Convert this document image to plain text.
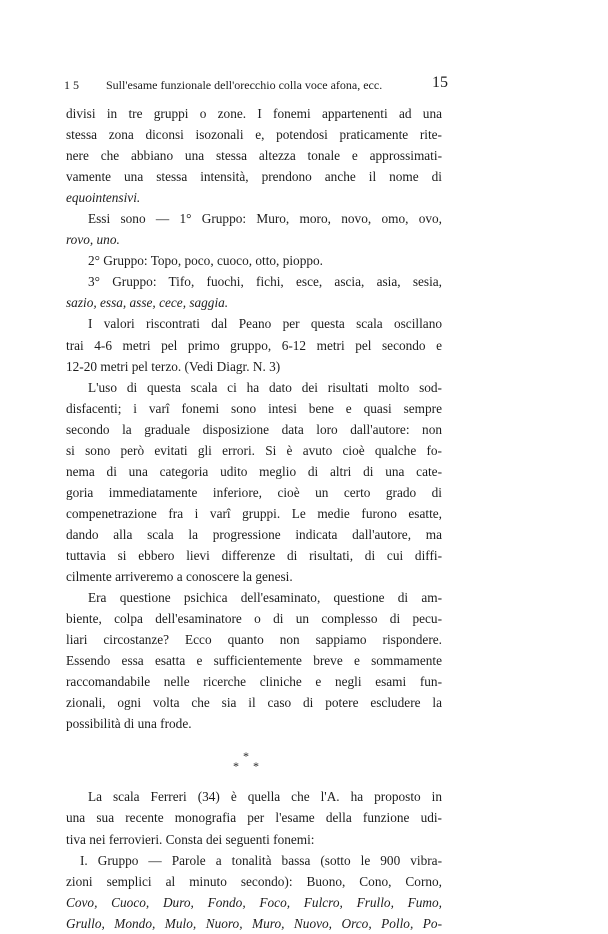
1 5 Sull'esame funzionale dell'orecchio colla voce afona, ecc.	15
divisi in tre gruppi o zone. I fonemi appartenenti ad una
stessa zona diconsi isozonali e, potendosi praticamente rite-
nere che abbiano una stessa altezza tonale e approssimati-
vamente una stessa intensità, prendono anche il nome di
equointensivi.
Essi sono — 1° Gruppo: Muro, moro, novo, omo, ovo,
rovo, uno.
2° Gruppo: Topo, poco, cuoco, otto, pioppo.
3° Gruppo: Tifo, fuochi, fichi, esce, ascia, asia, sesia,
sazio, essa, asse, cece, saggia.
I valori riscontrati dal Peano per questa scala oscillano
trai 4-6 metri pel primo gruppo, 6-12 metri pel secondo e
12-20 metri pel terzo. (Vedi Diagr. N. 3)
L'uso di questa scala ci ha dato dei risultati molto sod-
disfacenti; i varî fonemi sono intesi bene e quasi sempre
secondo la graduale disposizione data loro dall'autore: non
si sono però evitati gli errori. Si è avuto cioè qualche fo-
nema di una categoria udito meglio di altri di una cate-
goria immediatamente inferiore, cioè un certo grado di
compenetrazione fra i varî gruppi. Le medie furono esatte,
dando alla scala la progressione indicata dall'autore, ma
tuttavia si ebbero lievi differenze di risultati, di cui diffi-
cilmente arriveremo a conoscere la genesi.
Era questione psichica dell'esaminato, questione di am-
biente, colpa dell'esaminatore o di un complesso di pecu-
liari circostanze? Ecco quanto non sappiamo rispondere.
Essendo essa esatta e sufficientemente breve e sommamente
raccomandabile nelle ricerche cliniche e negli esami fun-
zionali, ogni volta che sia il caso di potere escludere la
possibilità di una frode.
*
* *
La scala Ferreri (34) è quella che l'A. ha proposto in
una sua recente monografia per l'esame della funzione udi-
tiva nei ferrovieri. Consta dei seguenti fonemi:
I. Gruppo — Parole a tonalità bassa (sotto le 900 vibra-
zioni semplici al minuto secondo): Buono, Cono, Corno,
Covo, Cuoco, Duro, Fondo, Foco, Fulcro, Frullo, Fumo,
Grullo, Mondo, Mulo, Nuoro, Muro, Nuovo, Orco, Pollo, Po-
